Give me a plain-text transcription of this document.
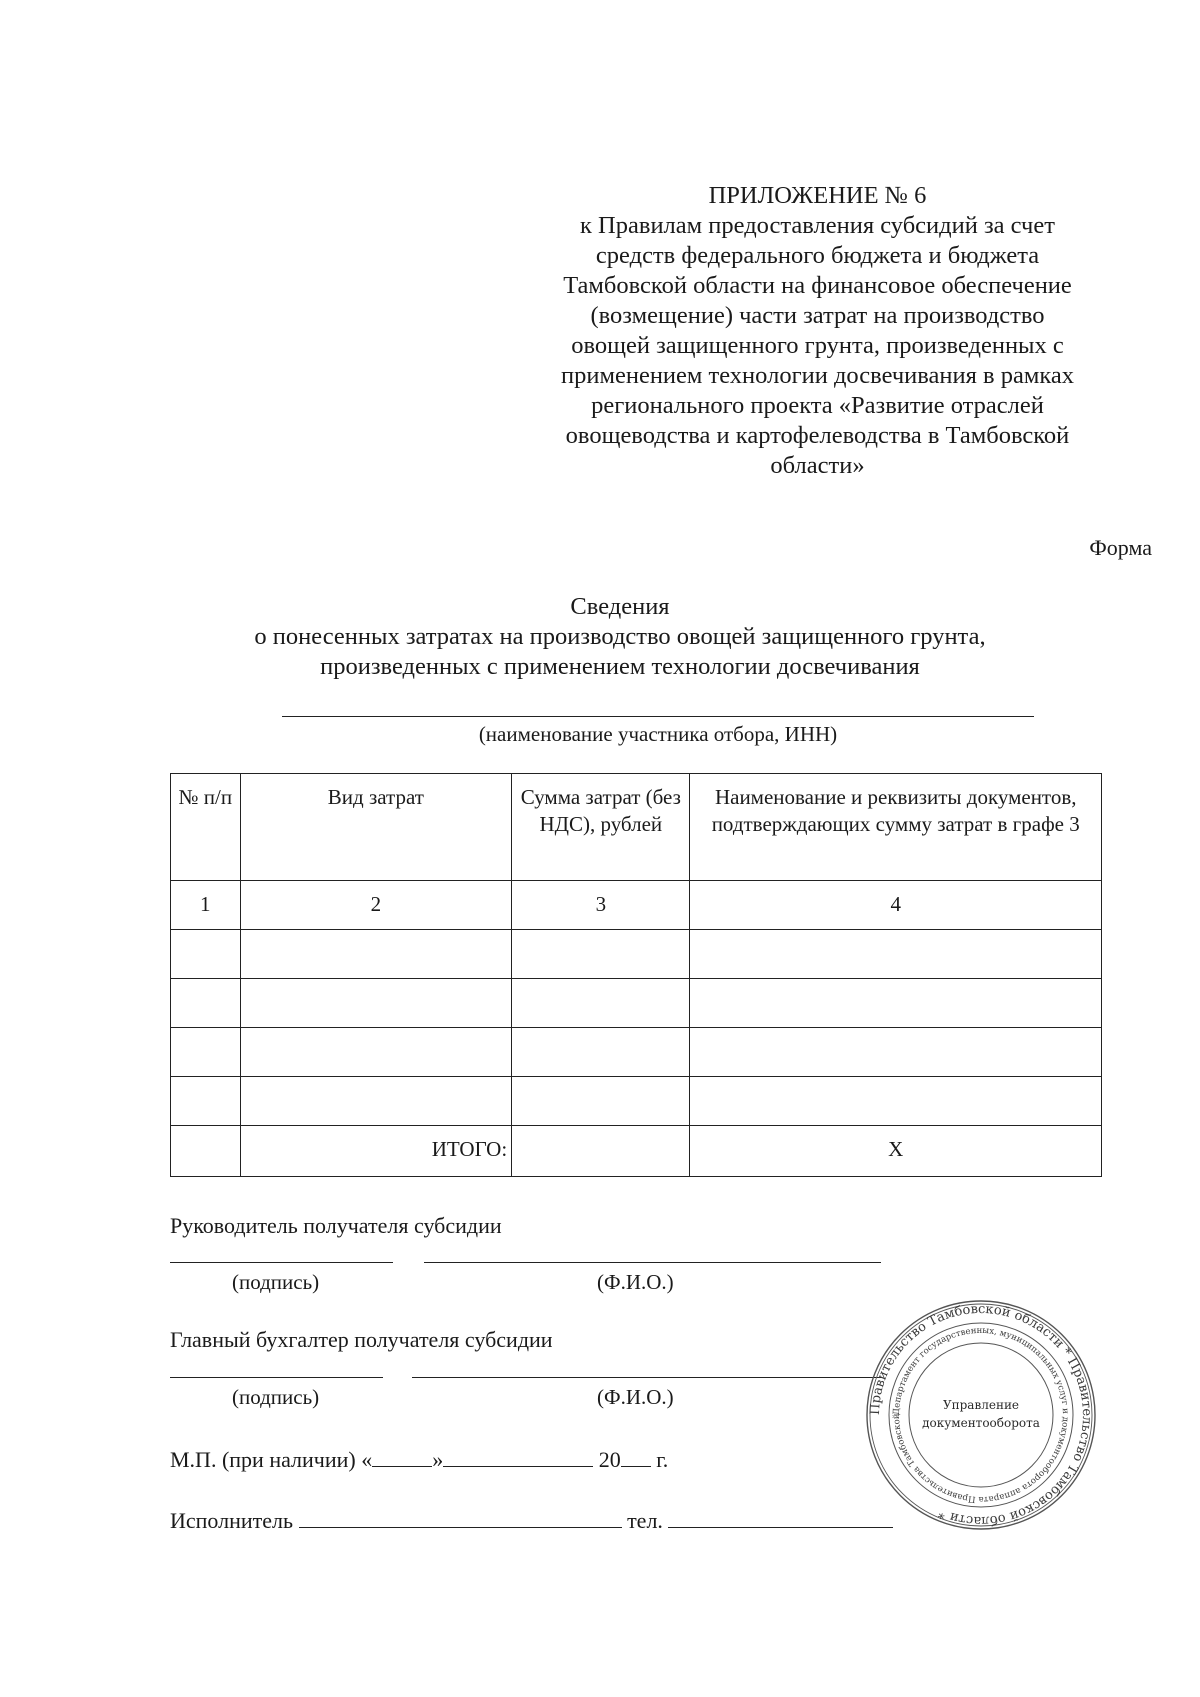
ПРИЛОЖЕНИЕ № 6
к Правилам предоставления субсидий за счет
средств федерального бюджета и бюджета
Тамбовской области на финансовое обеспечение
(возмещение) части затрат на производство
овощей защищенного грунта, произведенных с
применением технологии досвечивания в рамках
регионального проекта «Развитие отраслей
овощеводства и картофелеводства в Тамбовской
области»
Форма
Сведения
о понесенных затратах на производство овощей защищенного грунта,
произведенных с применением технологии досвечивания
(наименование участника отбора, ИНН)
№ п/п	Вид затрат	Сумма затрат (без НДС), рублей	Наименование и реквизиты документов, подтверждающих сумму затрат в графе 3
1	2	3	4

	ИТОГО:		X
Руководитель получателя субсидии
(подпись)	(Ф.И.О.)
Главный бухгалтер получателя субсидии
(подпись)	(Ф.И.О.)
М.П. (при наличии) «	»	20 г.
Исполнитель	тел.
Правительство Тамбовской области * Правительство Тамбовской области *
Департамент государственных, муниципальных услуг и документооборота аппарата Правительства Тамбовской
Управление
документооборота
